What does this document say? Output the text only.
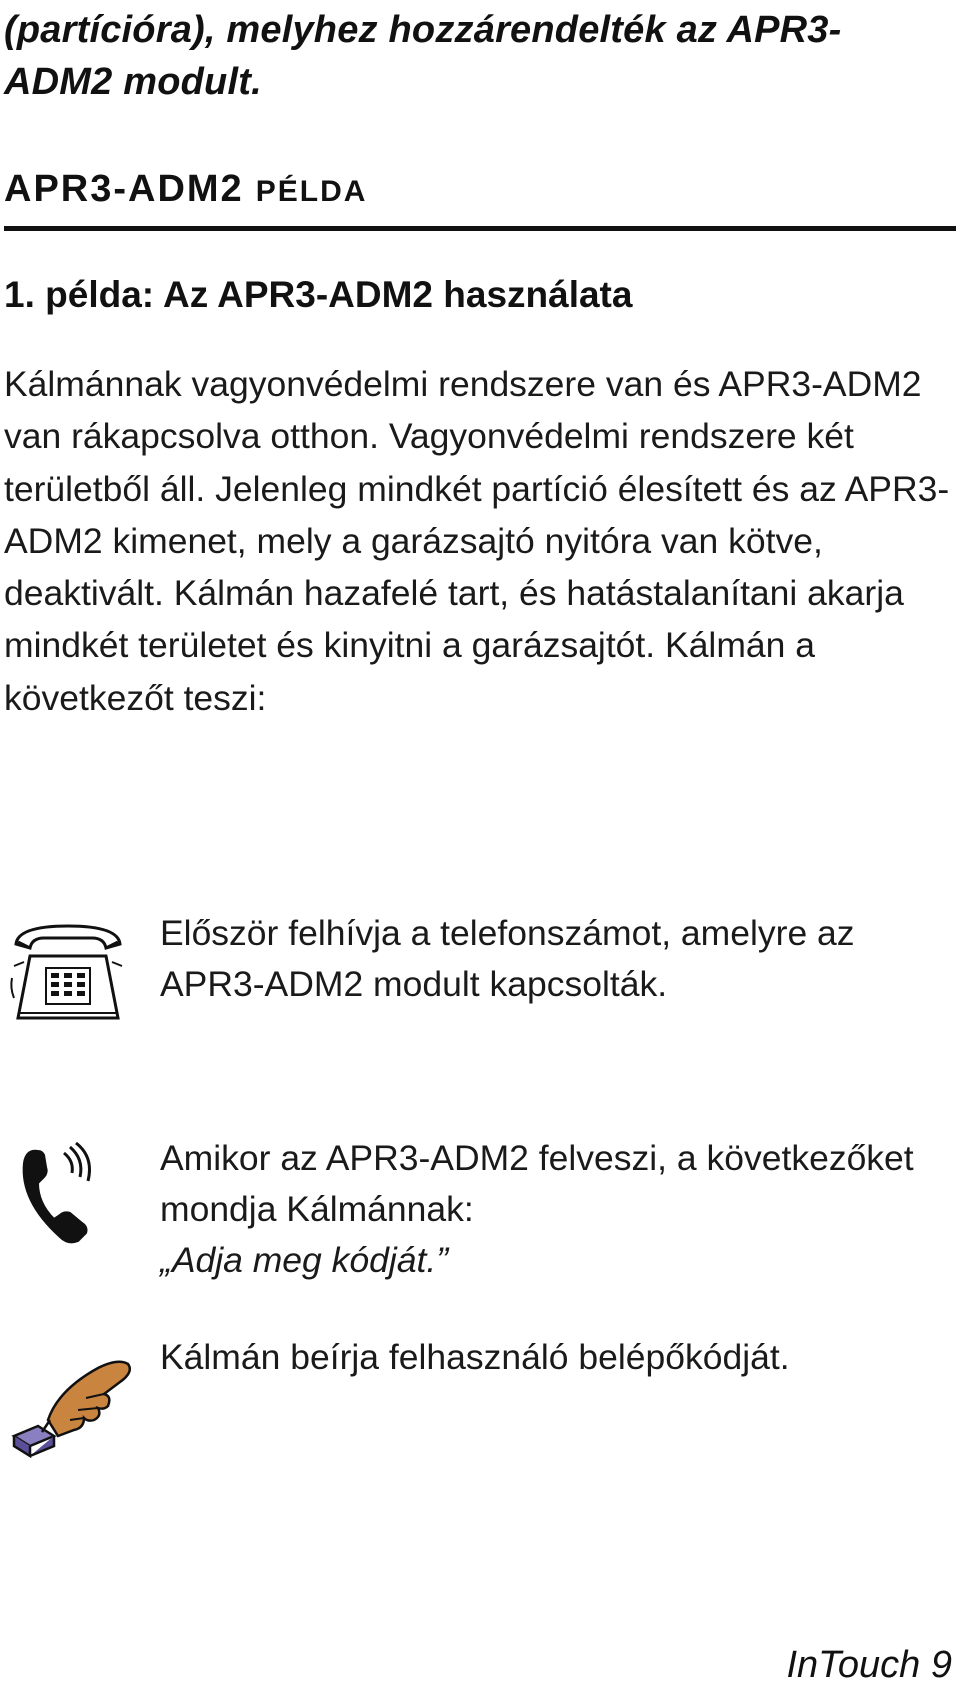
(partícióra), melyhez hozzárendelték az APR3-ADM2 modult.
APR3-ADM2 PÉLDA
1. példa: Az APR3-ADM2 használata
Kálmánnak vagyonvédelmi rendszere van és APR3-ADM2 van rákapcsolva otthon. Vagyonvédelmi rendszere két területből áll. Jelenleg mindkét partíció élesített és az APR3-ADM2 kimenet, mely a garázsajtó nyitóra van kötve, deaktivált. Kálmán hazafelé tart, és hatástalanítani akarja mindkét területet és kinyitni a garázsajtót. Kálmán a következőt teszi:
Először felhívja a telefonszámot, amelyre az APR3-ADM2 modult kapcsolták.
Amikor az APR3-ADM2 felveszi, a következőket mondja Kálmánnak:
„Adja meg kódját.”
Kálmán beírja felhasználó belépőkódját.
InTouch 9
